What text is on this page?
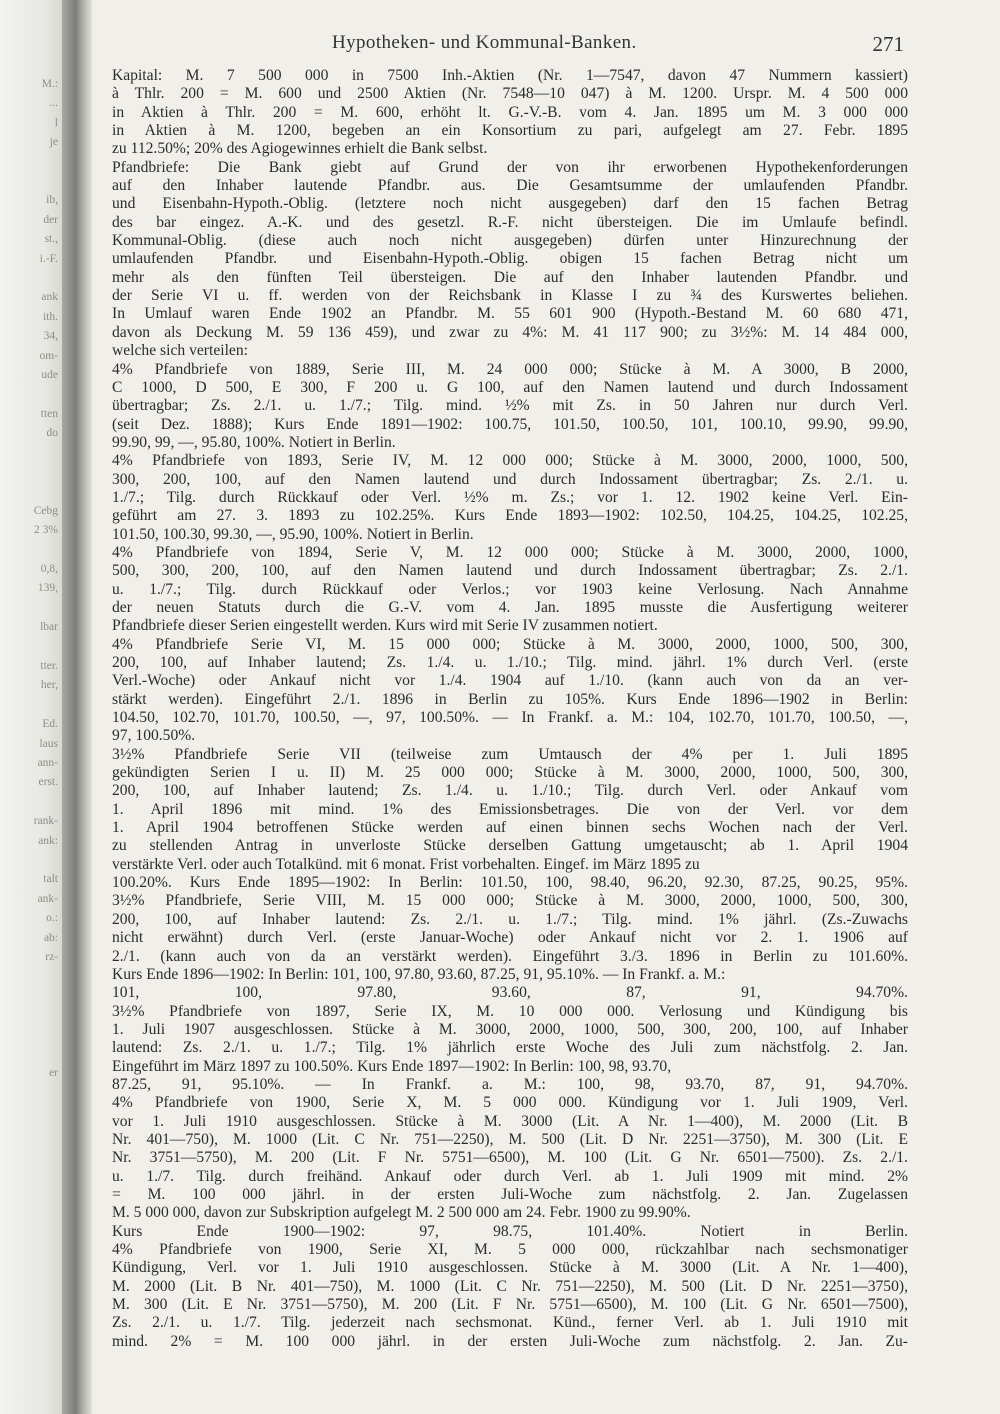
M.:
...
l
je
ib,
der
st.,
i.-F.
ank
ith.
34,
om-
ude
tten
do
Cebg
2 3%
0,8,
139,
lbar
tter.
her,
Ed.
laus
ann-
erst.
rank-
ank:
talt
ank-
o.:
ab:
rz-
er
Hypotheken- und Kommunal-Banken.	271
Kapital: M. 7 500 000 in 7500 Inh.-Aktien (Nr. 1—7547, davon 47 Nummern kassiert)
à Thlr. 200 = M. 600 und 2500 Aktien (Nr. 7548—10 047) à M. 1200. Urspr. M. 4 500 000
in Aktien à Thlr. 200 = M. 600, erhöht lt. G.-V.-B. vom 4. Jan. 1895 um M. 3 000 000
in Aktien à M. 1200, begeben an ein Konsortium zu pari, aufgelegt am 27. Febr. 1895
zu 112.50%; 20% des Agiogewinnes erhielt die Bank selbst.
Pfandbriefe: Die Bank giebt auf Grund der von ihr erworbenen Hypothekenforderungen
auf den Inhaber lautende Pfandbr. aus. Die Gesamtsumme der umlaufenden Pfandbr.
und Eisenbahn-Hypoth.-Oblig. (letztere noch nicht ausgegeben) darf den 15 fachen Betrag
des bar eingez. A.-K. und des gesetzl. R.-F. nicht übersteigen. Die im Umlaufe befindl.
Kommunal-Oblig. (diese auch noch nicht ausgegeben) dürfen unter Hinzurechnung der
umlaufenden Pfandbr. und Eisenbahn-Hypoth.-Oblig. obigen 15 fachen Betrag nicht um
mehr als den fünften Teil übersteigen. Die auf den Inhaber lautenden Pfandbr. und
der Serie VI u. ff. werden von der Reichsbank in Klasse I zu ¾ des Kurswertes beliehen.
In Umlauf waren Ende 1902 an Pfandbr. M. 55 601 900 (Hypoth.-Bestand M. 60 680 471,
davon als Deckung M. 59 136 459), und zwar zu 4%: M. 41 117 900; zu 3½%: M. 14 484 000,
welche sich verteilen:
4% Pfandbriefe von 1889, Serie III, M. 24 000 000; Stücke à M. A 3000, B 2000,
C 1000, D 500, E 300, F 200 u. G 100, auf den Namen lautend und durch Indossament
übertragbar; Zs. 2./1. u. 1./7.; Tilg. mind. ½% mit Zs. in 50 Jahren nur durch Verl.
(seit Dez. 1888); Kurs Ende 1891—1902: 100.75, 101.50, 100.50, 101, 100.10, 99.90, 99.90,
99.90, 99, —, 95.80, 100%. Notiert in Berlin.
4% Pfandbriefe von 1893, Serie IV, M. 12 000 000; Stücke à M. 3000, 2000, 1000, 500,
300, 200, 100, auf den Namen lautend und durch Indossament übertragbar; Zs. 2./1. u.
1./7.; Tilg. durch Rückkauf oder Verl. ½% m. Zs.; vor 1. 12. 1902 keine Verl. Ein-
geführt am 27. 3. 1893 zu 102.25%. Kurs Ende 1893—1902: 102.50, 104.25, 104.25, 102.25,
101.50, 100.30, 99.30, —, 95.90, 100%. Notiert in Berlin.
4% Pfandbriefe von 1894, Serie V, M. 12 000 000; Stücke à M. 3000, 2000, 1000,
500, 300, 200, 100, auf den Namen lautend und durch Indossament übertragbar; Zs. 2./1.
u. 1./7.; Tilg. durch Rückkauf oder Verlos.; vor 1903 keine Verlosung. Nach Annahme
der neuen Statuts durch die G.-V. vom 4. Jan. 1895 musste die Ausfertigung weiterer
Pfandbriefe dieser Serien eingestellt werden. Kurs wird mit Serie IV zusammen notiert.
4% Pfandbriefe Serie VI, M. 15 000 000; Stücke à M. 3000, 2000, 1000, 500, 300,
200, 100, auf Inhaber lautend; Zs. 1./4. u. 1./10.; Tilg. mind. jährl. 1% durch Verl. (erste
Verl.-Woche) oder Ankauf nicht vor 1./4. 1904 auf 1./10. (kann auch von da an ver-
stärkt werden). Eingeführt 2./1. 1896 in Berlin zu 105%. Kurs Ende 1896—1902 in Berlin:
104.50, 102.70, 101.70, 100.50, —, 97, 100.50%. — In Frankf. a. M.: 104, 102.70, 101.70, 100.50, —,
97, 100.50%.
3½% Pfandbriefe Serie VII (teilweise zum Umtausch der 4% per 1. Juli 1895
gekündigten Serien I u. II) M. 25 000 000; Stücke à M. 3000, 2000, 1000, 500, 300,
200, 100, auf Inhaber lautend; Zs. 1./4. u. 1./10.; Tilg. durch Verl. oder Ankauf vom
1. April 1896 mit mind. 1% des Emissionsbetrages. Die von der Verl. vor dem
1. April 1904 betroffenen Stücke werden auf einen binnen sechs Wochen nach der Verl.
zu stellenden Antrag in unverloste Stücke derselben Gattung umgetauscht; ab 1. April 1904
verstärkte Verl. oder auch Totalkünd. mit 6 monat. Frist vorbehalten. Eingef. im März 1895 zu
100.20%. Kurs Ende 1895—1902: In Berlin: 101.50, 100, 98.40, 96.20, 92.30, 87.25, 90.25, 95%.
3½% Pfandbriefe, Serie VIII, M. 15 000 000; Stücke à M. 3000, 2000, 1000, 500, 300,
200, 100, auf Inhaber lautend: Zs. 2./1. u. 1./7.; Tilg. mind. 1% jährl. (Zs.-Zuwachs
nicht erwähnt) durch Verl. (erste Januar-Woche) oder Ankauf nicht vor 2. 1. 1906 auf
2./1. (kann auch von da an verstärkt werden). Eingeführt 3./3. 1896 in Berlin zu 101.60%.
Kurs Ende 1896—1902: In Berlin: 101, 100, 97.80, 93.60, 87.25, 91, 95.10%. — In Frankf. a. M.:
101, 100, 97.80, 93.60, 87, 91, 94.70%.
3½% Pfandbriefe von 1897, Serie IX, M. 10 000 000. Verlosung und Kündigung bis
1. Juli 1907 ausgeschlossen. Stücke à M. 3000, 2000, 1000, 500, 300, 200, 100, auf Inhaber
lautend: Zs. 2./1. u. 1./7.; Tilg. 1% jährlich erste Woche des Juli zum nächstfolg. 2. Jan.
Eingeführt im März 1897 zu 100.50%. Kurs Ende 1897—1902: In Berlin: 100, 98, 93.70,
87.25, 91, 95.10%. — In Frankf. a. M.: 100, 98, 93.70, 87, 91, 94.70%.
4% Pfandbriefe von 1900, Serie X, M. 5 000 000. Kündigung vor 1. Juli 1909, Verl.
vor 1. Juli 1910 ausgeschlossen. Stücke à M. 3000 (Lit. A Nr. 1—400), M. 2000 (Lit. B
Nr. 401—750), M. 1000 (Lit. C Nr. 751—2250), M. 500 (Lit. D Nr. 2251—3750), M. 300 (Lit. E
Nr. 3751—5750), M. 200 (Lit. F Nr. 5751—6500), M. 100 (Lit. G Nr. 6501—7500). Zs. 2./1.
u. 1./7. Tilg. durch freihänd. Ankauf oder durch Verl. ab 1. Juli 1909 mit mind. 2%
= M. 100 000 jährl. in der ersten Juli-Woche zum nächstfolg. 2. Jan. Zugelassen
M. 5 000 000, davon zur Subskription aufgelegt M. 2 500 000 am 24. Febr. 1900 zu 99.90%.
Kurs Ende 1900—1902: 97, 98.75, 101.40%. Notiert in Berlin.
4% Pfandbriefe von 1900, Serie XI, M. 5 000 000, rückzahlbar nach sechsmonatiger
Kündigung, Verl. vor 1. Juli 1910 ausgeschlossen. Stücke à M. 3000 (Lit. A Nr. 1—400),
M. 2000 (Lit. B Nr. 401—750), M. 1000 (Lit. C Nr. 751—2250), M. 500 (Lit. D Nr. 2251—3750),
M. 300 (Lit. E Nr. 3751—5750), M. 200 (Lit. F Nr. 5751—6500), M. 100 (Lit. G Nr. 6501—7500),
Zs. 2./1. u. 1./7. Tilg. jederzeit nach sechsmonat. Künd., ferner Verl. ab 1. Juli 1910 mit
mind. 2% = M. 100 000 jährl. in der ersten Juli-Woche zum nächstfolg. 2. Jan. Zu-
